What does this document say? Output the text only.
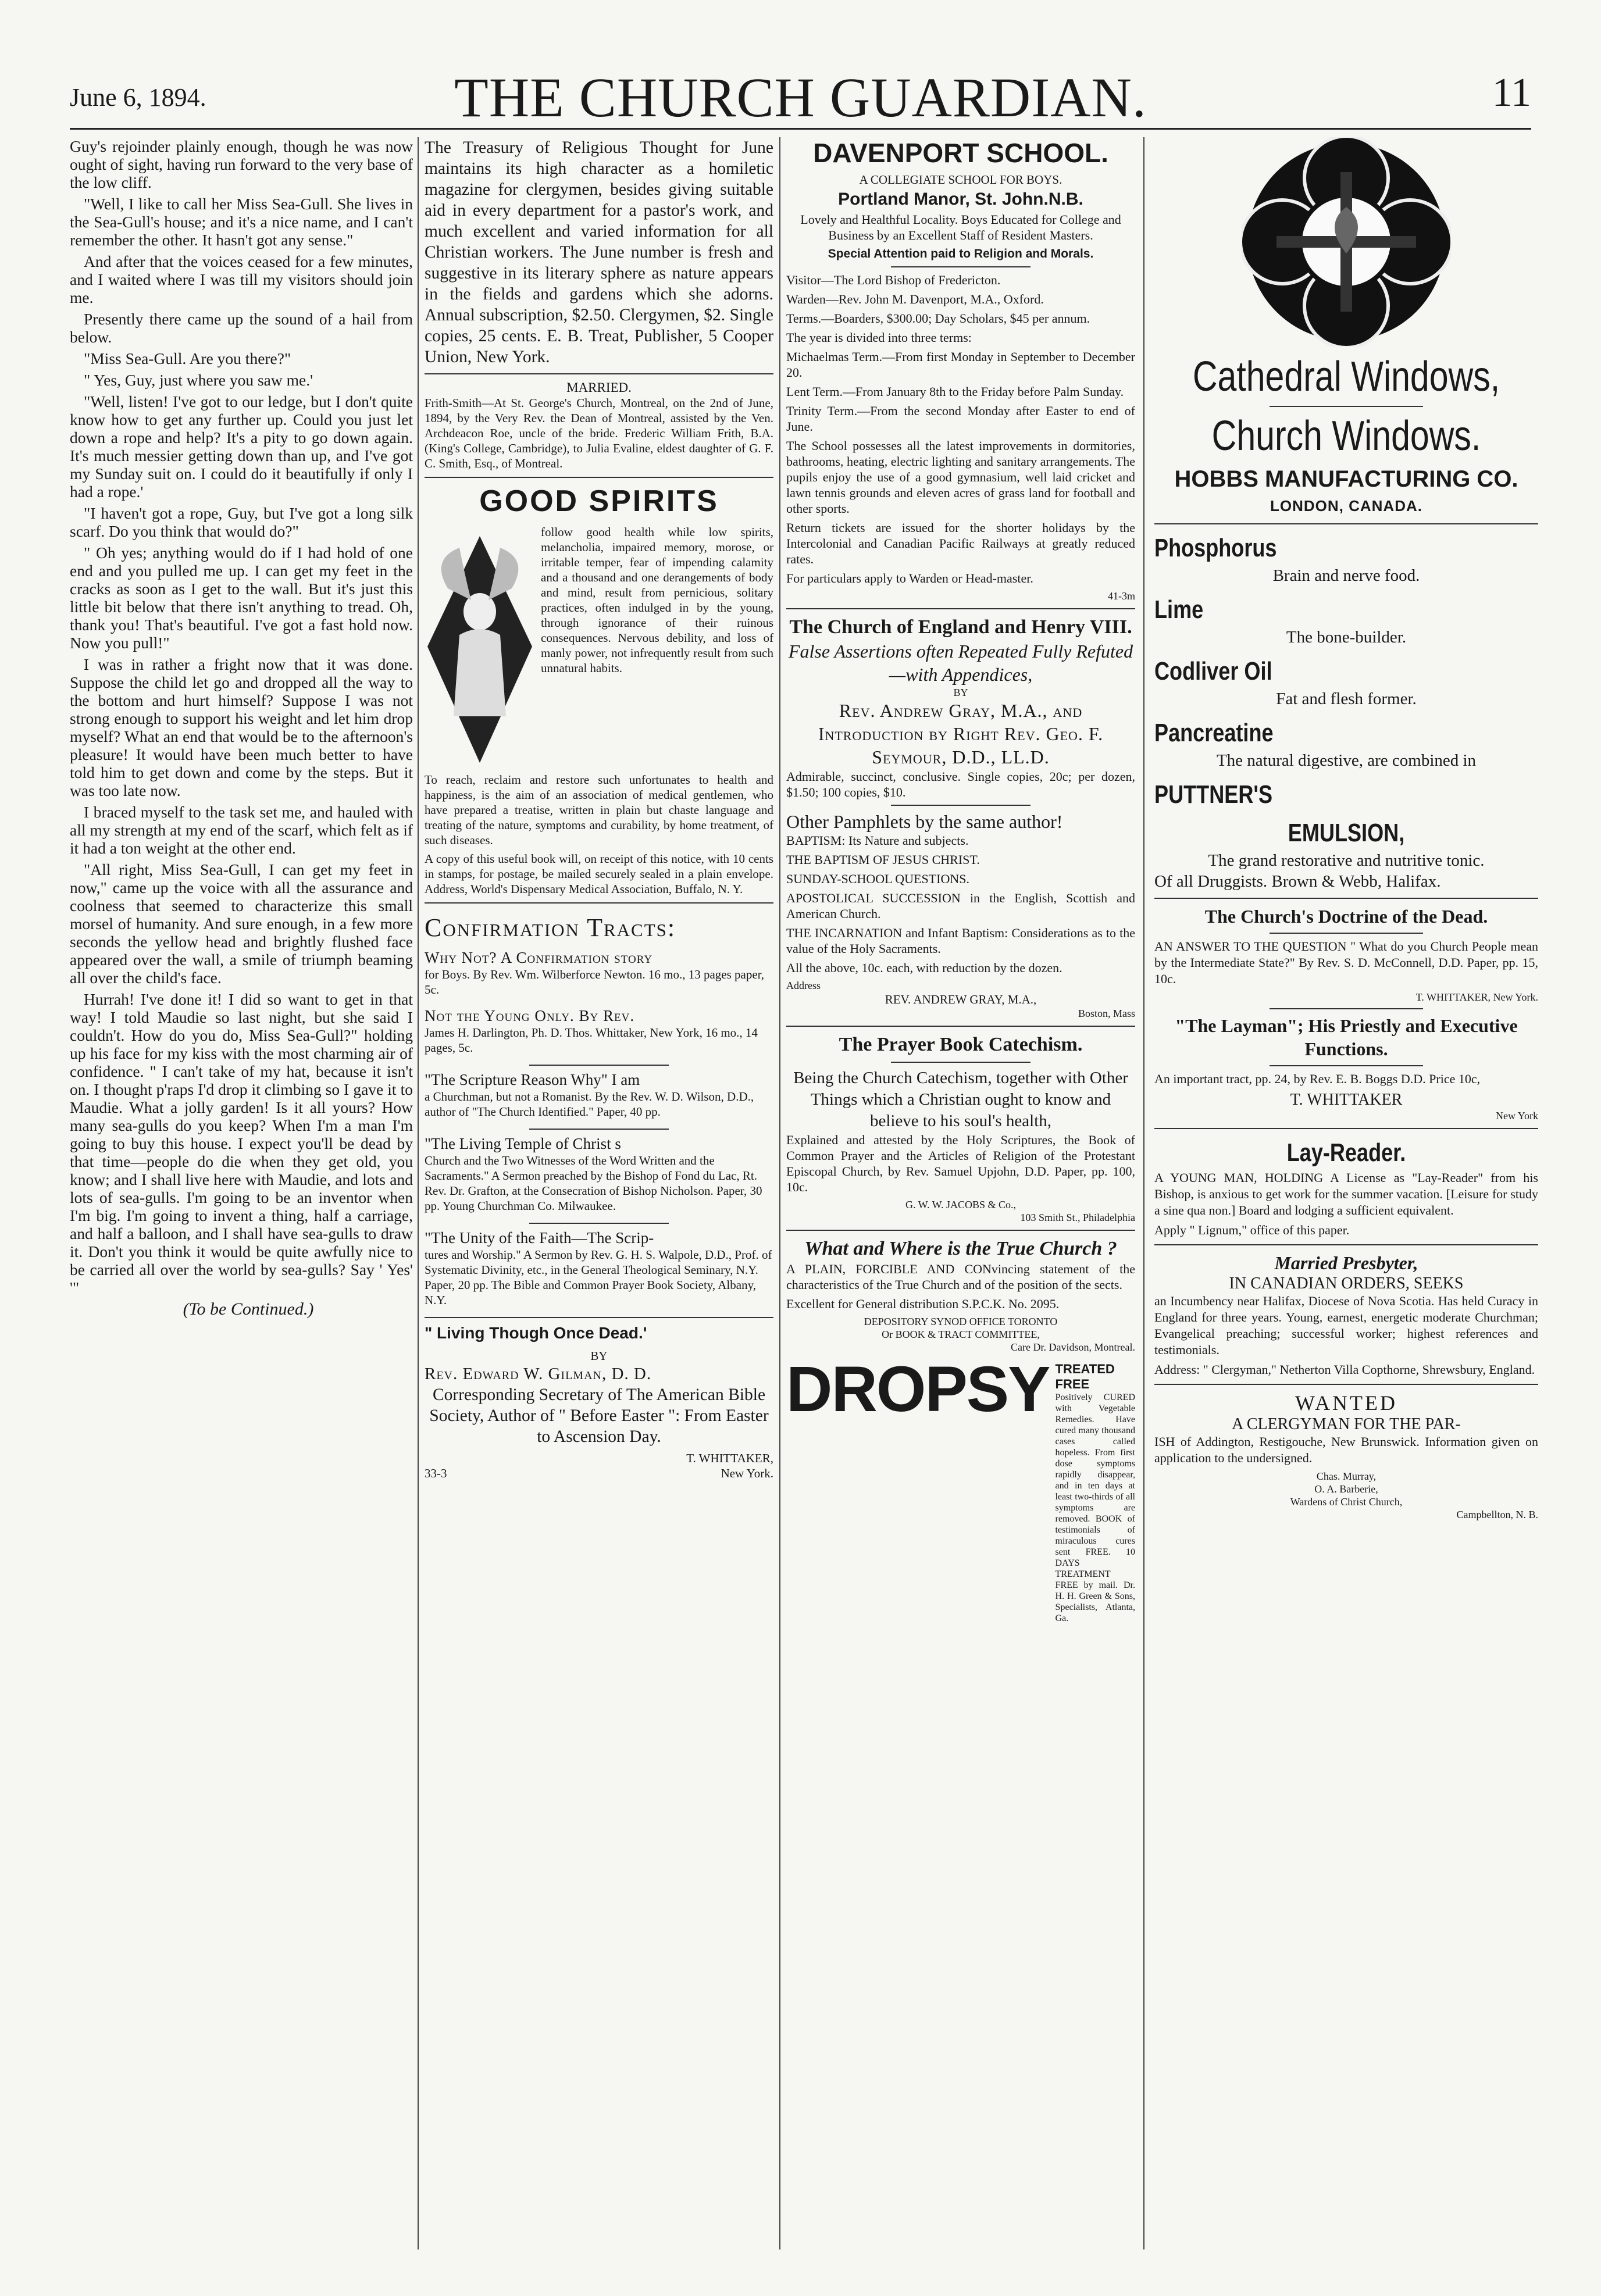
June 6, 1894.	THE CHURCH GUARDIAN.	11

Guy's rejoinder plainly enough, though he was now ought of sight, having run forward to the very base of the low cliff.

"Well, I like to call her Miss Sea-Gull. She lives in the Sea-Gull's house; and it's a nice name, and I can't remember the other. It hasn't got any sense."

And after that the voices ceased for a few minutes, and I waited where I was till my visitors should join me.

Presently there came up the sound of a hail from below.

"Miss Sea-Gull. Are you there?"

" Yes, Guy, just where you saw me.'

"Well, listen! I've got to our ledge, but I don't quite know how to get any further up. Could you just let down a rope and help? It's a pity to go down again. It's much messier getting down than up, and I've got my Sunday suit on. I could do it beautifully if only I had a rope.'

"I haven't got a rope, Guy, but I've got a long silk scarf. Do you think that would do?"

" Oh yes; anything would do if I had hold of one end and you pulled me up. I can get my feet in the cracks as soon as I get to the wall. But it's just this little bit below that there isn't anything to tread. Oh, thank you! That's beautiful. I've got a fast hold now. Now you pull!"

I was in rather a fright now that it was done. Suppose the child let go and dropped all the way to the bottom and hurt himself? Suppose I was not strong enough to support his weight and let him drop myself? What an end that would be to the afternoon's pleasure! It would have been much better to have told him to get down and come by the steps. But it was too late now.

I braced myself to the task set me, and hauled with all my strength at my end of the scarf, which felt as if it had a ton weight at the other end.

"All right, Miss Sea-Gull, I can get my feet in now," came up the voice with all the assurance and coolness that seemed to characterize this small morsel of humanity. And sure enough, in a few more seconds the yellow head and brightly flushed face appeared over the wall, a smile of triumph beaming all over the child's face.

Hurrah! I've done it! I did so want to get in that way! I told Maudie so last night, but she said I couldn't. How do you do, Miss Sea-Gull?" holding up his face for my kiss with the most charming air of confidence. " I can't take of my hat, because it isn't on. I thought p'raps I'd drop it climbing so I gave it to Maudie. What a jolly garden! Is it all yours? How many sea-gulls do you keep? When I'm a man I'm going to buy this house. I expect you'll be dead by that time—people do die when they get old, you know; and I shall live here with Maudie, and lots and lots of sea-gulls. I'm going to be an inventor when I'm big. I'm going to invent a thing, half a carriage, and half a balloon, and I shall have sea-gulls to draw it. Don't you think it would be quite awfully nice to be carried all over the world by sea-gulls? Say ' Yes' '"

(To be Continued.)

The Treasury of Religious Thought for June maintains its high character as a homiletic magazine for clergymen, besides giving suitable aid in every department for a pastor's work, and much excellent and varied information for all Christian workers. The June number is fresh and suggestive in its literary sphere as nature appears in the fields and gardens which she adorns. Annual subscription, $2.50. Clergymen, $2. Single copies, 25 cents. E. B. Treat, Publisher, 5 Cooper Union, New York.

MARRIED.

Frith-Smith—At St. George's Church, Montreal, on the 2nd of June, 1894, by the Very Rev. the Dean of Montreal, assisted by the Ven. Archdeacon Roe, uncle of the bride. Frederic William Frith, B.A. (King's College, Cambridge), to Julia Evaline, eldest daughter of G. F. C. Smith, Esq., of Montreal.

GOOD SPIRITS

follow good health while low spirits, melancholia, impaired memory, morose, or irritable temper, fear of impending calamity and a thousand and one derangements of body and mind, result from pernicious, solitary practices, often indulged in by the young, through ignorance of their ruinous consequences. Nervous debility, and loss of manly power, not infrequently result from such unnatural habits.

To reach, reclaim and restore such unfortunates to health and happiness, is the aim of an association of medical gentlemen, who have prepared a treatise, written in plain but chaste language and treating of the nature, symptoms and curability, by home treatment, of such diseases.

A copy of this useful book will, on receipt of this notice, with 10 cents in stamps, for postage, be mailed securely sealed in a plain envelope. Address, World's Dispensary Medical Association, Buffalo, N. Y.

Confirmation Tracts:
Why Not? A Confirmation story
for Boys. By Rev. Wm. Wilberforce Newton. 16 mo., 13 pages paper, 5c.
Not the Young Only. By Rev.
James H. Darlington, Ph. D. Thos. Whittaker, New York, 16 mo., 14 pages, 5c.
"The Scripture Reason Why" I am
a Churchman, but not a Romanist. By the Rev. W. D. Wilson, D.D., author of "The Church Identified." Paper, 40 pp.
"The Living Temple of Christ s
Church and the Two Witnesses of the Word Written and the Sacraments." A Sermon preached by the Bishop of Fond du Lac, Rt. Rev. Dr. Grafton, at the Consecration of Bishop Nicholson. Paper, 30 pp. Young Churchman Co. Milwaukee.
"The Unity of the Faith—The Scrip-
tures and Worship." A Sermon by Rev. G. H. S. Walpole, D.D., Prof. of Systematic Divinity, etc., in the General Theological Seminary, N.Y. Paper, 20 pp. The Bible and Common Prayer Book Society, Albany, N.Y.
" Living Though Once Dead.'
BY
Rev. Edward W. Gilman, D. D.

Corresponding Secretary of The American Bible Society, Author of " Before Easter ": From Easter to Ascension Day.

T. WHITTAKER,
33-3	New York.
DAVENPORT SCHOOL.
A COLLEGIATE SCHOOL FOR BOYS.
Portland Manor, St. John.N.B.

Lovely and Healthful Locality. Boys Educated for College and Business by an Excellent Staff of Resident Masters.

Special Attention paid to Religion and Morals.

Visitor—The Lord Bishop of Fredericton.

Warden—Rev. John M. Davenport, M.A., Oxford.

Terms.—Boarders, $300.00; Day Scholars, $45 per annum.

The year is divided into three terms:

Michaelmas Term.—From first Monday in September to December 20.

Lent Term.—From January 8th to the Friday before Palm Sunday.

Trinity Term.—From the second Monday after Easter to end of June.

The School possesses all the latest improvements in dormitories, bathrooms, heating, electric lighting and sanitary arrangements. The pupils enjoy the use of a good gymnasium, well laid cricket and lawn tennis grounds and eleven acres of grass land for football and other sports.

Return tickets are issued for the shorter holidays by the Intercolonial and Canadian Pacific Railways at greatly reduced rates.

For particulars apply to Warden or Head-master.

41-3m
The Church of England and Henry VIII.
False Assertions often Repeated Fully Refuted—with Appendices,
BY
Rev. Andrew Gray, M.A., and Introduction by Right Rev. Geo. F. Seymour, D.D., LL.D.

Admirable, succinct, conclusive. Single copies, 20c; per dozen, $1.50; 100 copies, $10.

Other Pamphlets by the same author!

BAPTISM: Its Nature and subjects.

THE BAPTISM OF JESUS CHRIST.

SUNDAY-SCHOOL QUESTIONS.

APOSTOLICAL SUCCESSION in the English, Scottish and American Church.

THE INCARNATION and Infant Baptism: Considerations as to the value of the Holy Sacraments.

All the above, 10c. each, with reduction by the dozen.

Address
REV. ANDREW GRAY, M.A.,
Boston, Mass
The Prayer Book Catechism.
Being the Church Catechism, together with Other Things which a Christian ought to know and believe to his soul's health,

Explained and attested by the Holy Scriptures, the Book of Common Prayer and the Articles of Religion of the Protestant Episcopal Church, by Rev. Samuel Upjohn, D.D. Paper, pp. 100, 10c.

G. W. W. JACOBS & Co.,
103 Smith St., Philadelphia
What and Where is the True Church ?

A PLAIN, FORCIBLE AND CONvincing statement of the characteristics of the True Church and of the position of the sects.

Excellent for General distribution S.P.C.K. No. 2095.

DEPOSITORY SYNOD OFFICE TORONTO
Or BOOK & TRACT COMMITTEE,
Care Dr. Davidson, Montreal.
DROPSY TREATED FREE

Positively CURED with Vegetable Remedies. Have cured many thousand cases called hopeless. From first dose symptoms rapidly disappear, and in ten days at least two-thirds of all symptoms are removed. BOOK of testimonials of miraculous cures sent FREE. 10 DAYS TREATMENT FREE by mail. Dr. H. H. Green & Sons, Specialists, Atlanta, Ga.

Cathedral Windows,
Church Windows.
HOBBS MANUFACTURING CO.
LONDON, CANADA.
Phosphorus
Brain and nerve food.
Lime
The bone-builder.
Codliver Oil
Fat and flesh former.
Pancreatine
The natural digestive, are combined in
PUTTNER'S
EMULSION,
The grand restorative and nutritive tonic.
Of all Druggists. Brown & Webb, Halifax.
The Church's Doctrine of the Dead.

AN ANSWER TO THE QUESTION " What do you Church People mean by the Intermediate State?" By Rev. S. D. McConnell, D.D. Paper, pp. 15, 10c.

T. WHITTAKER, New York.
"The Layman"; His Priestly and Executive Functions.

An important tract, pp. 24, by Rev. E. B. Boggs D.D. Price 10c,

T. WHITTAKER
New York
Lay-Reader.

A YOUNG MAN, HOLDING A License as "Lay-Reader" from his Bishop, is anxious to get work for the summer vacation. [Leisure for study a sine qua non.] Board and lodging a sufficient equivalent.

Apply " Lignum," office of this paper.

Married Presbyter,
IN CANADIAN ORDERS, SEEKS

an Incumbency near Halifax, Diocese of Nova Scotia. Has held Curacy in England for three years. Young, earnest, energetic moderate Churchman; Evangelical preaching; successful worker; highest references and testimonials.

Address: " Clergyman," Netherton Villa Copthorne, Shrewsbury, England.

WANTED
A CLERGYMAN FOR THE PAR-

ISH of Addington, Restigouche, New Brunswick. Information given on application to the undersigned.

Chas. Murray,
O. A. Barberie,
Wardens of Christ Church,
Campbellton, N. B.
